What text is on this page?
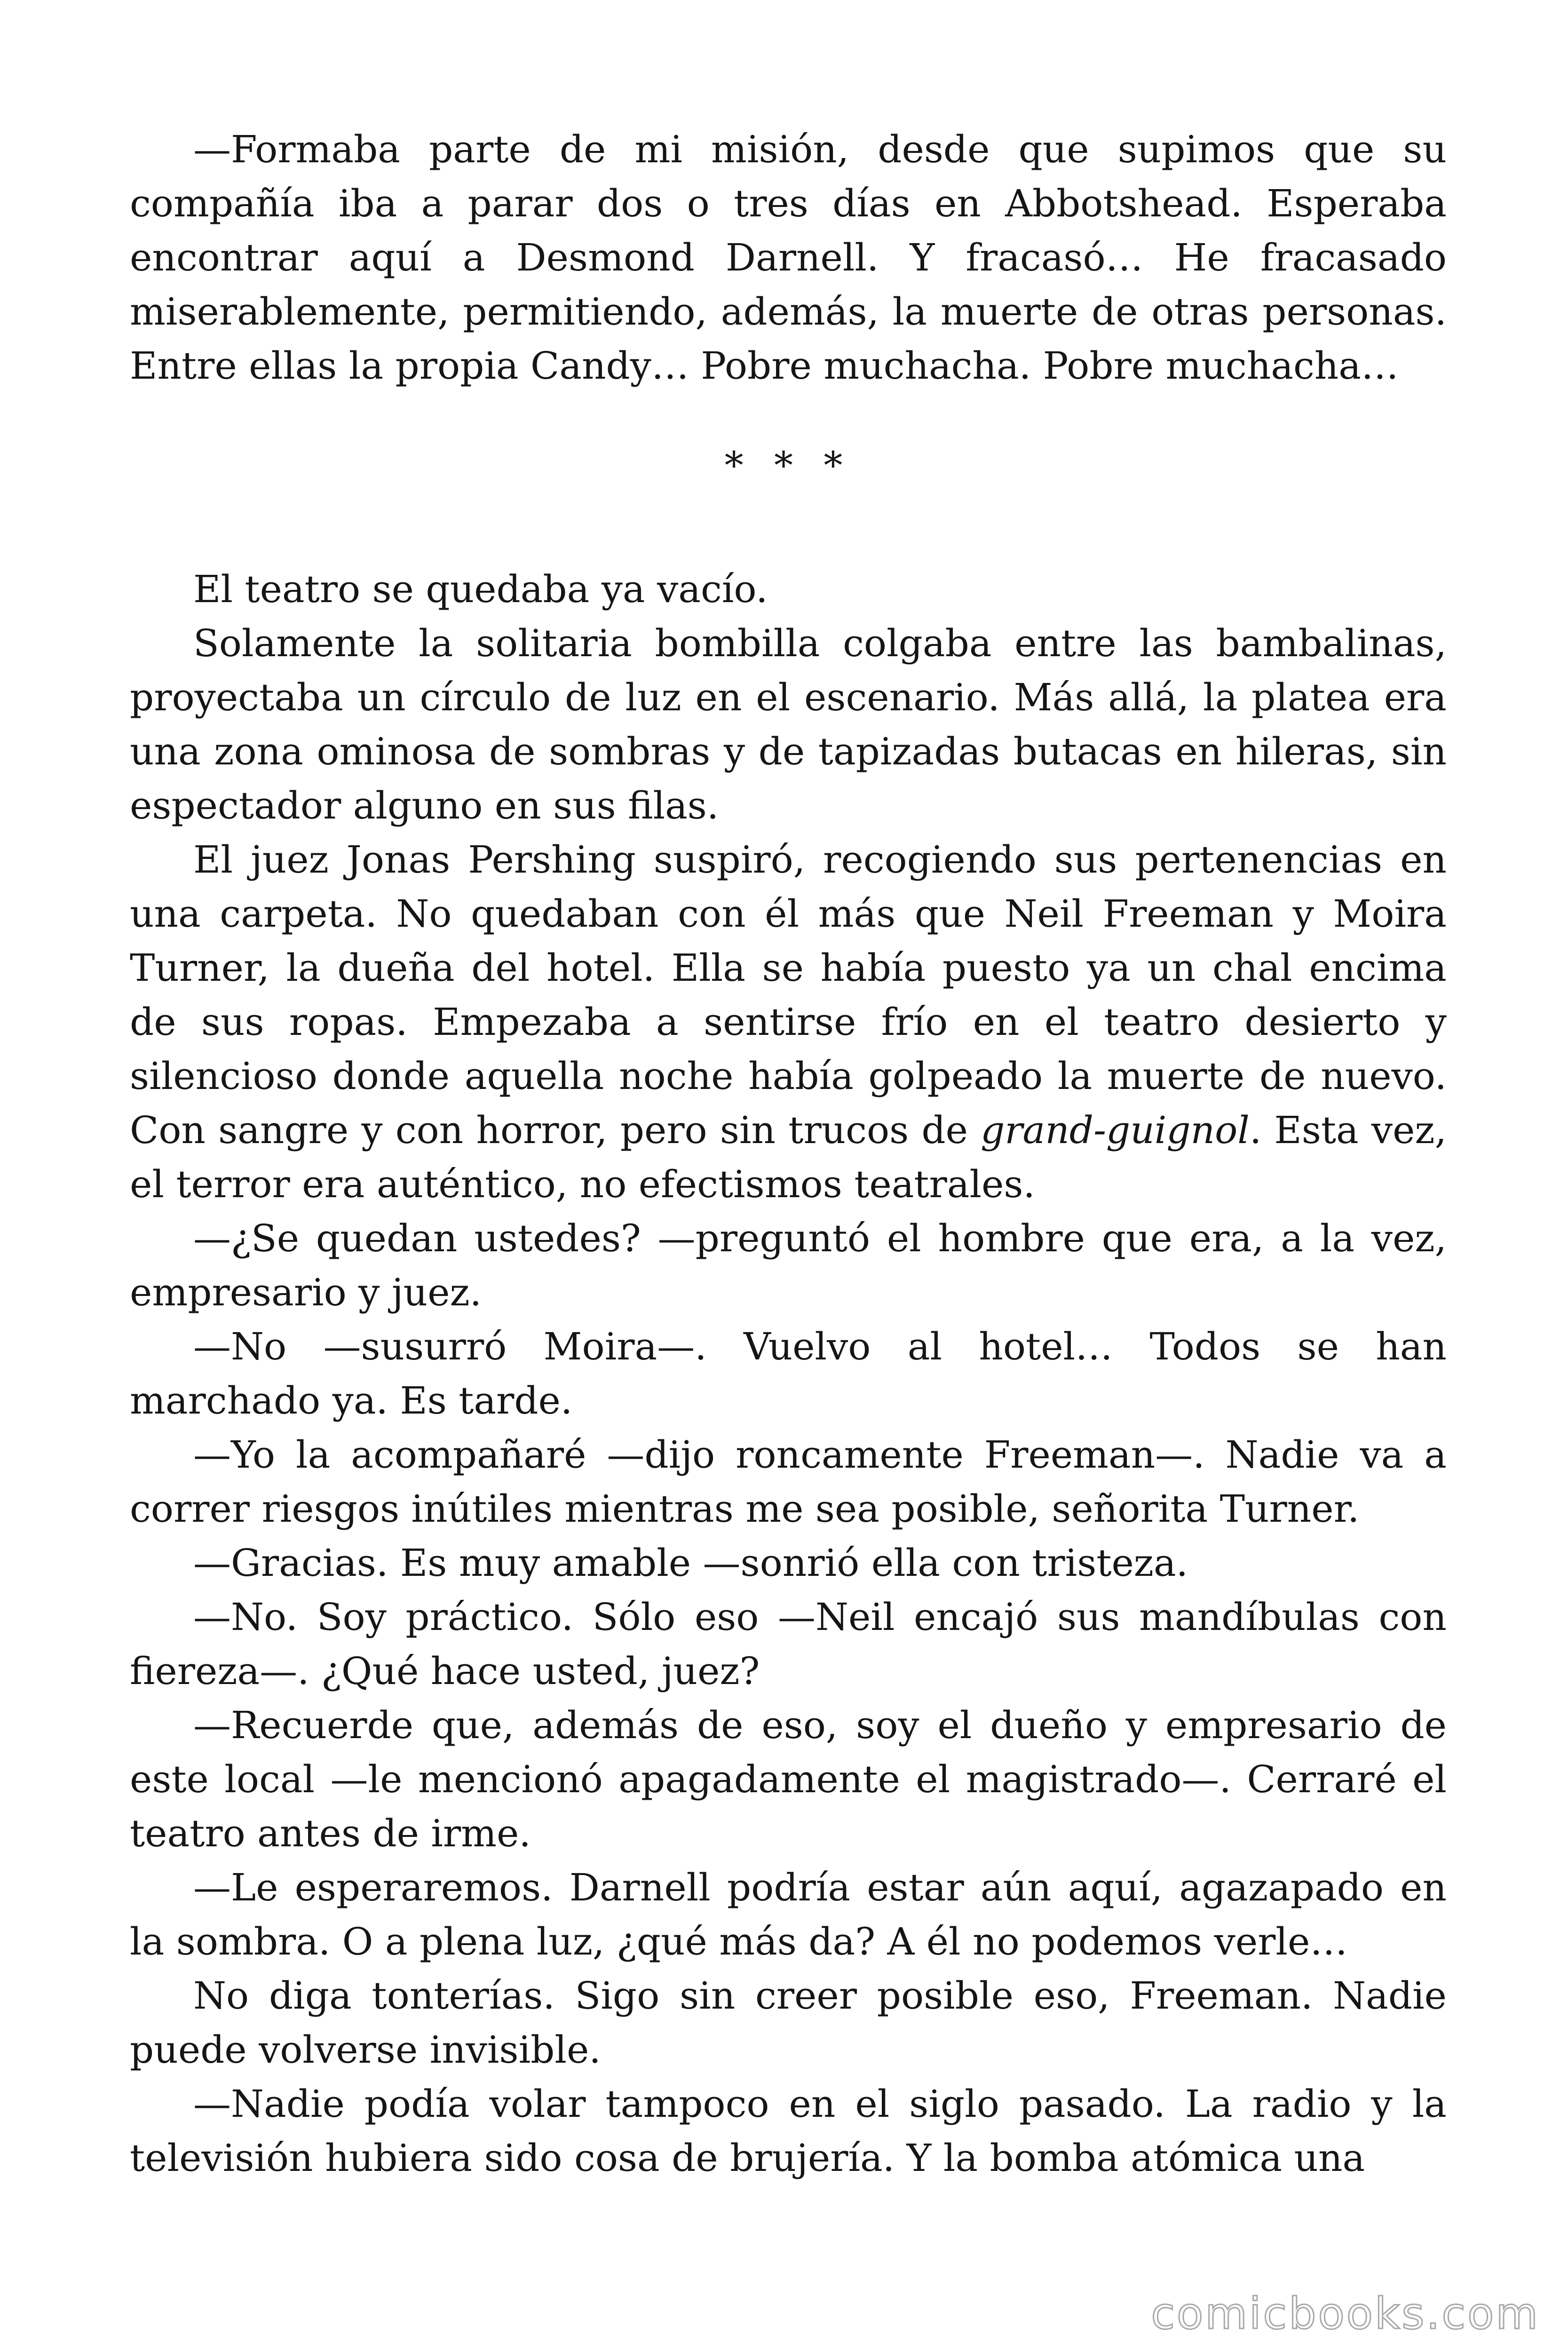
—Formaba parte de mi misión, desde que supimos que su compañía iba a parar dos o tres días en Abbotshead. Esperaba encontrar aquí a Desmond Darnell. Y fracasó… He fracasado miserablemente, permitiendo, además, la muerte de otras personas. Entre ellas la propia Candy… Pobre muchacha. Pobre muchacha…

* * *

El teatro se quedaba ya vacío.

Solamente la solitaria bombilla colgaba entre las bambalinas, proyectaba un círculo de luz en el escenario. Más allá, la platea era una zona ominosa de sombras y de tapizadas butacas en hileras, sin espectador alguno en sus filas.

El juez Jonas Pershing suspiró, recogiendo sus pertenencias en una carpeta. No quedaban con él más que Neil Freeman y Moira Turner, la dueña del hotel. Ella se había puesto ya un chal encima de sus ropas. Empezaba a sentirse frío en el teatro desierto y silencioso donde aquella noche había golpeado la muerte de nuevo. Con sangre y con horror, pero sin trucos de grand-guignol. Esta vez, el terror era auténtico, no efectismos teatrales.

—¿Se quedan ustedes? —preguntó el hombre que era, a la vez, empresario y juez.

—No —susurró Moira—. Vuelvo al hotel… Todos se han marchado ya. Es tarde.

—Yo la acompañaré —dijo roncamente Freeman—. Nadie va a correr riesgos inútiles mientras me sea posible, señorita Turner.

—Gracias. Es muy amable —sonrió ella con tristeza.

—No. Soy práctico. Sólo eso —Neil encajó sus mandíbulas con fiereza—. ¿Qué hace usted, juez?

—Recuerde que, además de eso, soy el dueño y empresario de este local —le mencionó apagadamente el magistrado—. Cerraré el teatro antes de irme.

—Le esperaremos. Darnell podría estar aún aquí, agazapado en la sombra. O a plena luz, ¿qué más da? A él no podemos verle…

No diga tonterías. Sigo sin creer posible eso, Freeman. Nadie puede volverse invisible.

—Nadie podía volar tampoco en el siglo pasado. La radio y la televisión hubiera sido cosa de brujería. Y la bomba atómica una

comicbooks.com
